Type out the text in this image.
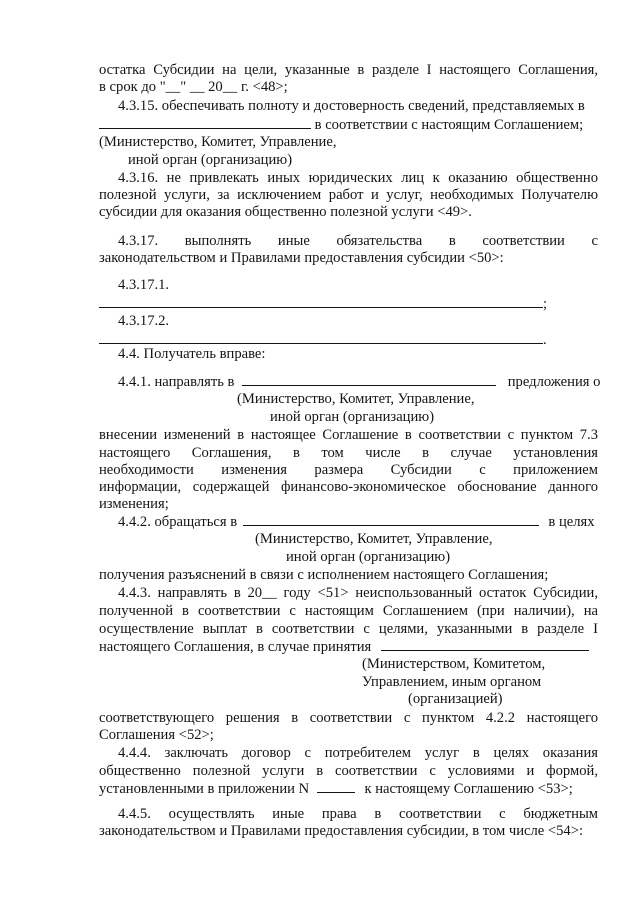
остатка Субсидии на цели, указанные в разделе I настоящего Соглашения,
в срок до "__" __ 20__ г. <48>;
4.3.15. обеспечивать полноту и достоверность сведений, представляемых в
в соответствии с настоящим Соглашением;
(Министерство, Комитет, Управление,
иной орган (организацию)
4.3.16. не привлекать иных юридических лиц к оказанию общественно
полезной услуги, за исключением работ и услуг, необходимых Получателю
субсидии для оказания общественно полезной услуги <49>.
4.3.17. выполнять иные обязательства в соответствии с
законодательством и Правилами предоставления субсидии <50>:
4.3.17.1.
;
4.3.17.2.
.
4.4. Получатель вправе:
4.4.1. направлять в	предложения о
(Министерство, Комитет, Управление,
иной орган (организацию)
внесении изменений в настоящее Соглашение в соответствии с пунктом 7.3
настоящего Соглашения, в том числе в случае установления
необходимости изменения размера Субсидии с приложением
информации, содержащей финансово-экономическое обоснование данного
изменения;
4.4.2. обращаться в	в целях
(Министерство, Комитет, Управление,
иной орган (организацию)
получения разъяснений в связи с исполнением настоящего Соглашения;
4.4.3. направлять в 20__ году <51> неиспользованный остаток Субсидии,
полученной в соответствии с настоящим Соглашением (при наличии), на
осуществление выплат в соответствии с целями, указанными в разделе I
настоящего Соглашения, в случае принятия
(Министерством, Комитетом,
Управлением, иным органом
(организацией)
соответствующего решения в соответствии с пунктом 4.2.2 настоящего
Соглашения <52>;
4.4.4. заключать договор с потребителем услуг в целях оказания
общественно полезной услуги в соответствии с условиями и формой,
установленными в приложении N	к настоящему Соглашению <53>;
4.4.5. осуществлять иные права в соответствии с бюджетным
законодательством и Правилами предоставления субсидии, в том числе <54>:
